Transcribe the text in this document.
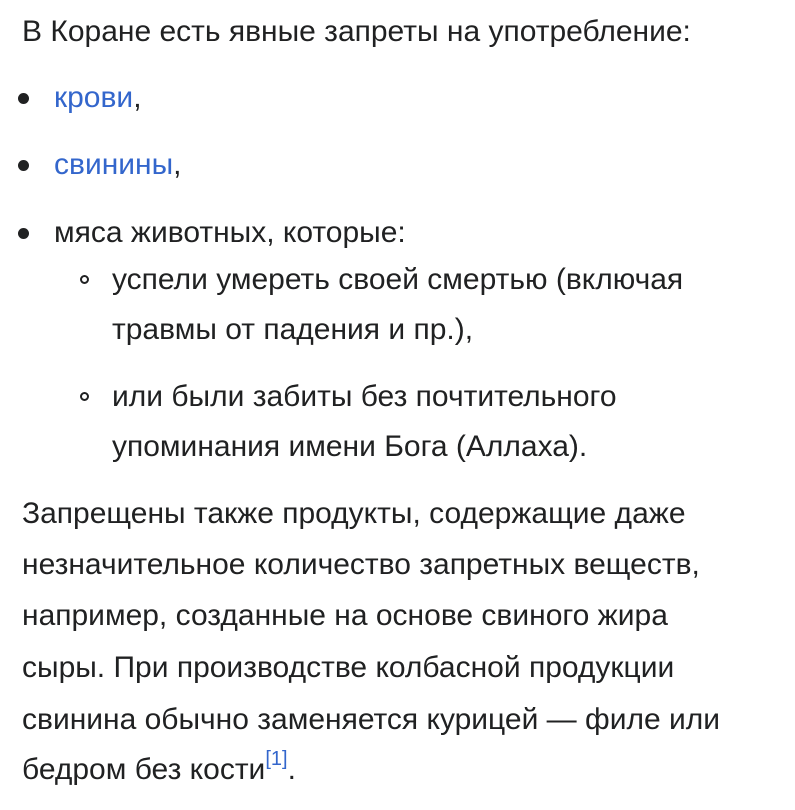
В Коране есть явные запреты на употребление:
крови,
свинины,
мяса животных, которые:
успели умереть своей смертью (включая
травмы от падения и пр.),
или были забиты без почтительного
упоминания имени Бога (Аллаха).
Запрещены также продукты, содержащие даже
незначительное количество запретных веществ,
например, созданные на основе свиного жира
сыры. При производстве колбасной продукции
свинина обычно заменяется курицей — филе или
бедром без кости[1].
